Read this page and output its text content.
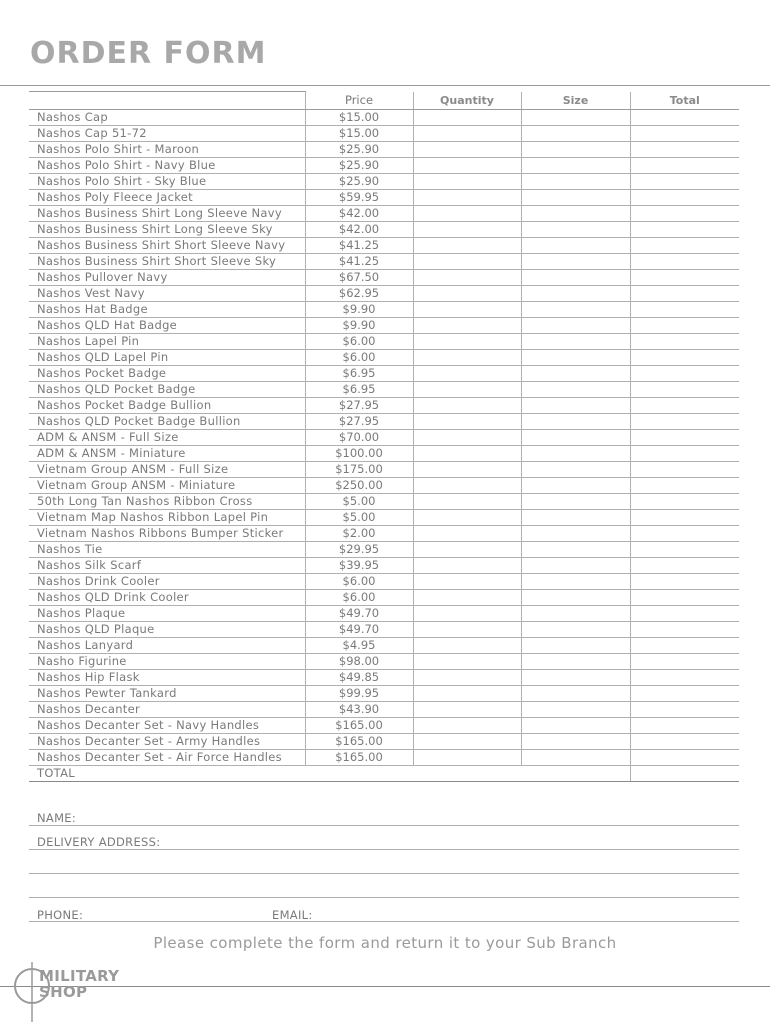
ORDER FORM
	Price	Quantity	Size	Total
Nashos Cap	$15.00			
Nashos Cap 51-72	$15.00			
Nashos Polo Shirt - Maroon	$25.90			
Nashos Polo Shirt - Navy Blue	$25.90			
Nashos Polo Shirt - Sky Blue	$25.90			
Nashos Poly Fleece Jacket	$59.95			
Nashos Business Shirt Long Sleeve Navy	$42.00			
Nashos Business Shirt Long Sleeve Sky	$42.00			
Nashos Business Shirt Short Sleeve Navy	$41.25			
Nashos Business Shirt Short Sleeve Sky	$41.25			
Nashos Pullover Navy	$67.50			
Nashos Vest Navy	$62.95			
Nashos Hat Badge	$9.90			
Nashos QLD Hat Badge	$9.90			
Nashos Lapel Pin	$6.00			
Nashos QLD Lapel Pin	$6.00			
Nashos Pocket Badge	$6.95			
Nashos QLD Pocket Badge	$6.95			
Nashos Pocket Badge Bullion	$27.95			
Nashos QLD Pocket Badge Bullion	$27.95			
ADM & ANSM - Full Size	$70.00			
ADM & ANSM - Miniature	$100.00			
Vietnam Group ANSM - Full Size	$175.00			
Vietnam Group ANSM - Miniature	$250.00			
50th Long Tan Nashos Ribbon Cross	$5.00			
Vietnam Map Nashos Ribbon Lapel Pin	$5.00			
Vietnam Nashos Ribbons Bumper Sticker	$2.00			
Nashos Tie	$29.95			
Nashos Silk Scarf	$39.95			
Nashos Drink Cooler	$6.00			
Nashos QLD Drink Cooler	$6.00			
Nashos Plaque	$49.70			
Nashos QLD Plaque	$49.70			
Nashos Lanyard	$4.95			
Nasho Figurine	$98.00			
Nashos Hip Flask	$49.85			
Nashos Pewter Tankard	$99.95			
Nashos Decanter	$43.90			
Nashos Decanter Set - Navy Handles	$165.00			
Nashos Decanter Set - Army Handles	$165.00			
Nashos Decanter Set - Air Force Handles	$165.00			
TOTAL				
NAME:
DELIVERY ADDRESS:
PHONE:	EMAIL:
Please complete the form and return it to your Sub Branch
MILITARY
SHOP
